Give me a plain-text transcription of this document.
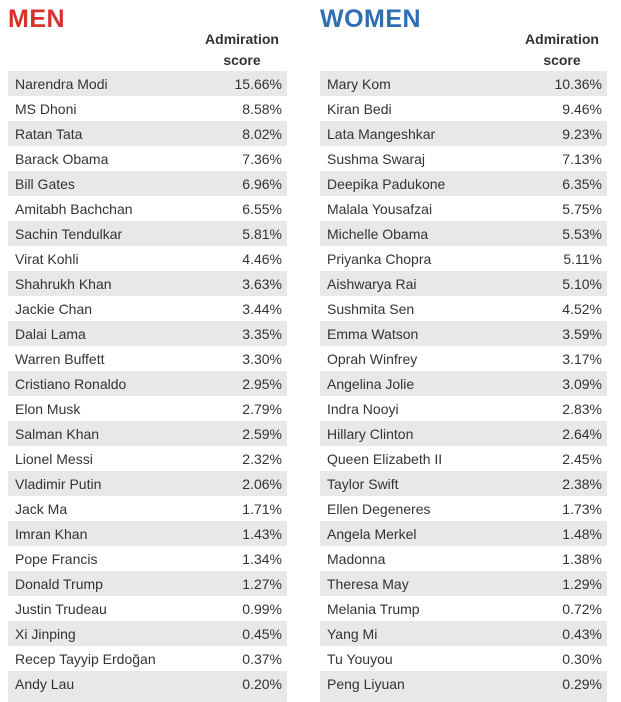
MEN
Admiration score
Narendra Modi	15.66%
MS Dhoni	8.58%
Ratan Tata	8.02%
Barack Obama	7.36%
Bill Gates	6.96%
Amitabh Bachchan	6.55%
Sachin Tendulkar	5.81%
Virat Kohli	4.46%
Shahrukh Khan	3.63%
Jackie Chan	3.44%
Dalai Lama	3.35%
Warren Buffett	3.30%
Cristiano Ronaldo	2.95%
Elon Musk	2.79%
Salman Khan	2.59%
Lionel Messi	2.32%
Vladimir Putin	2.06%
Jack Ma	1.71%
Imran Khan	1.43%
Pope Francis	1.34%
Donald Trump	1.27%
Justin Trudeau	0.99%
Xi Jinping	0.45%
Recep Tayyip Erdoğan	0.37%
Andy Lau	0.20%
WOMEN
Admiration score
Mary Kom	10.36%
Kiran Bedi	9.46%
Lata Mangeshkar	9.23%
Sushma Swaraj	7.13%
Deepika Padukone	6.35%
Malala Yousafzai	5.75%
Michelle Obama	5.53%
Priyanka Chopra	5.11%
Aishwarya Rai	5.10%
Sushmita Sen	4.52%
Emma Watson	3.59%
Oprah Winfrey	3.17%
Angelina Jolie	3.09%
Indra Nooyi	2.83%
Hillary Clinton	2.64%
Queen Elizabeth II	2.45%
Taylor Swift	2.38%
Ellen Degeneres	1.73%
Angela Merkel	1.48%
Madonna	1.38%
Theresa May	1.29%
Melania Trump	0.72%
Yang Mi	0.43%
Tu Youyou	0.30%
Peng Liyuan	0.29%
